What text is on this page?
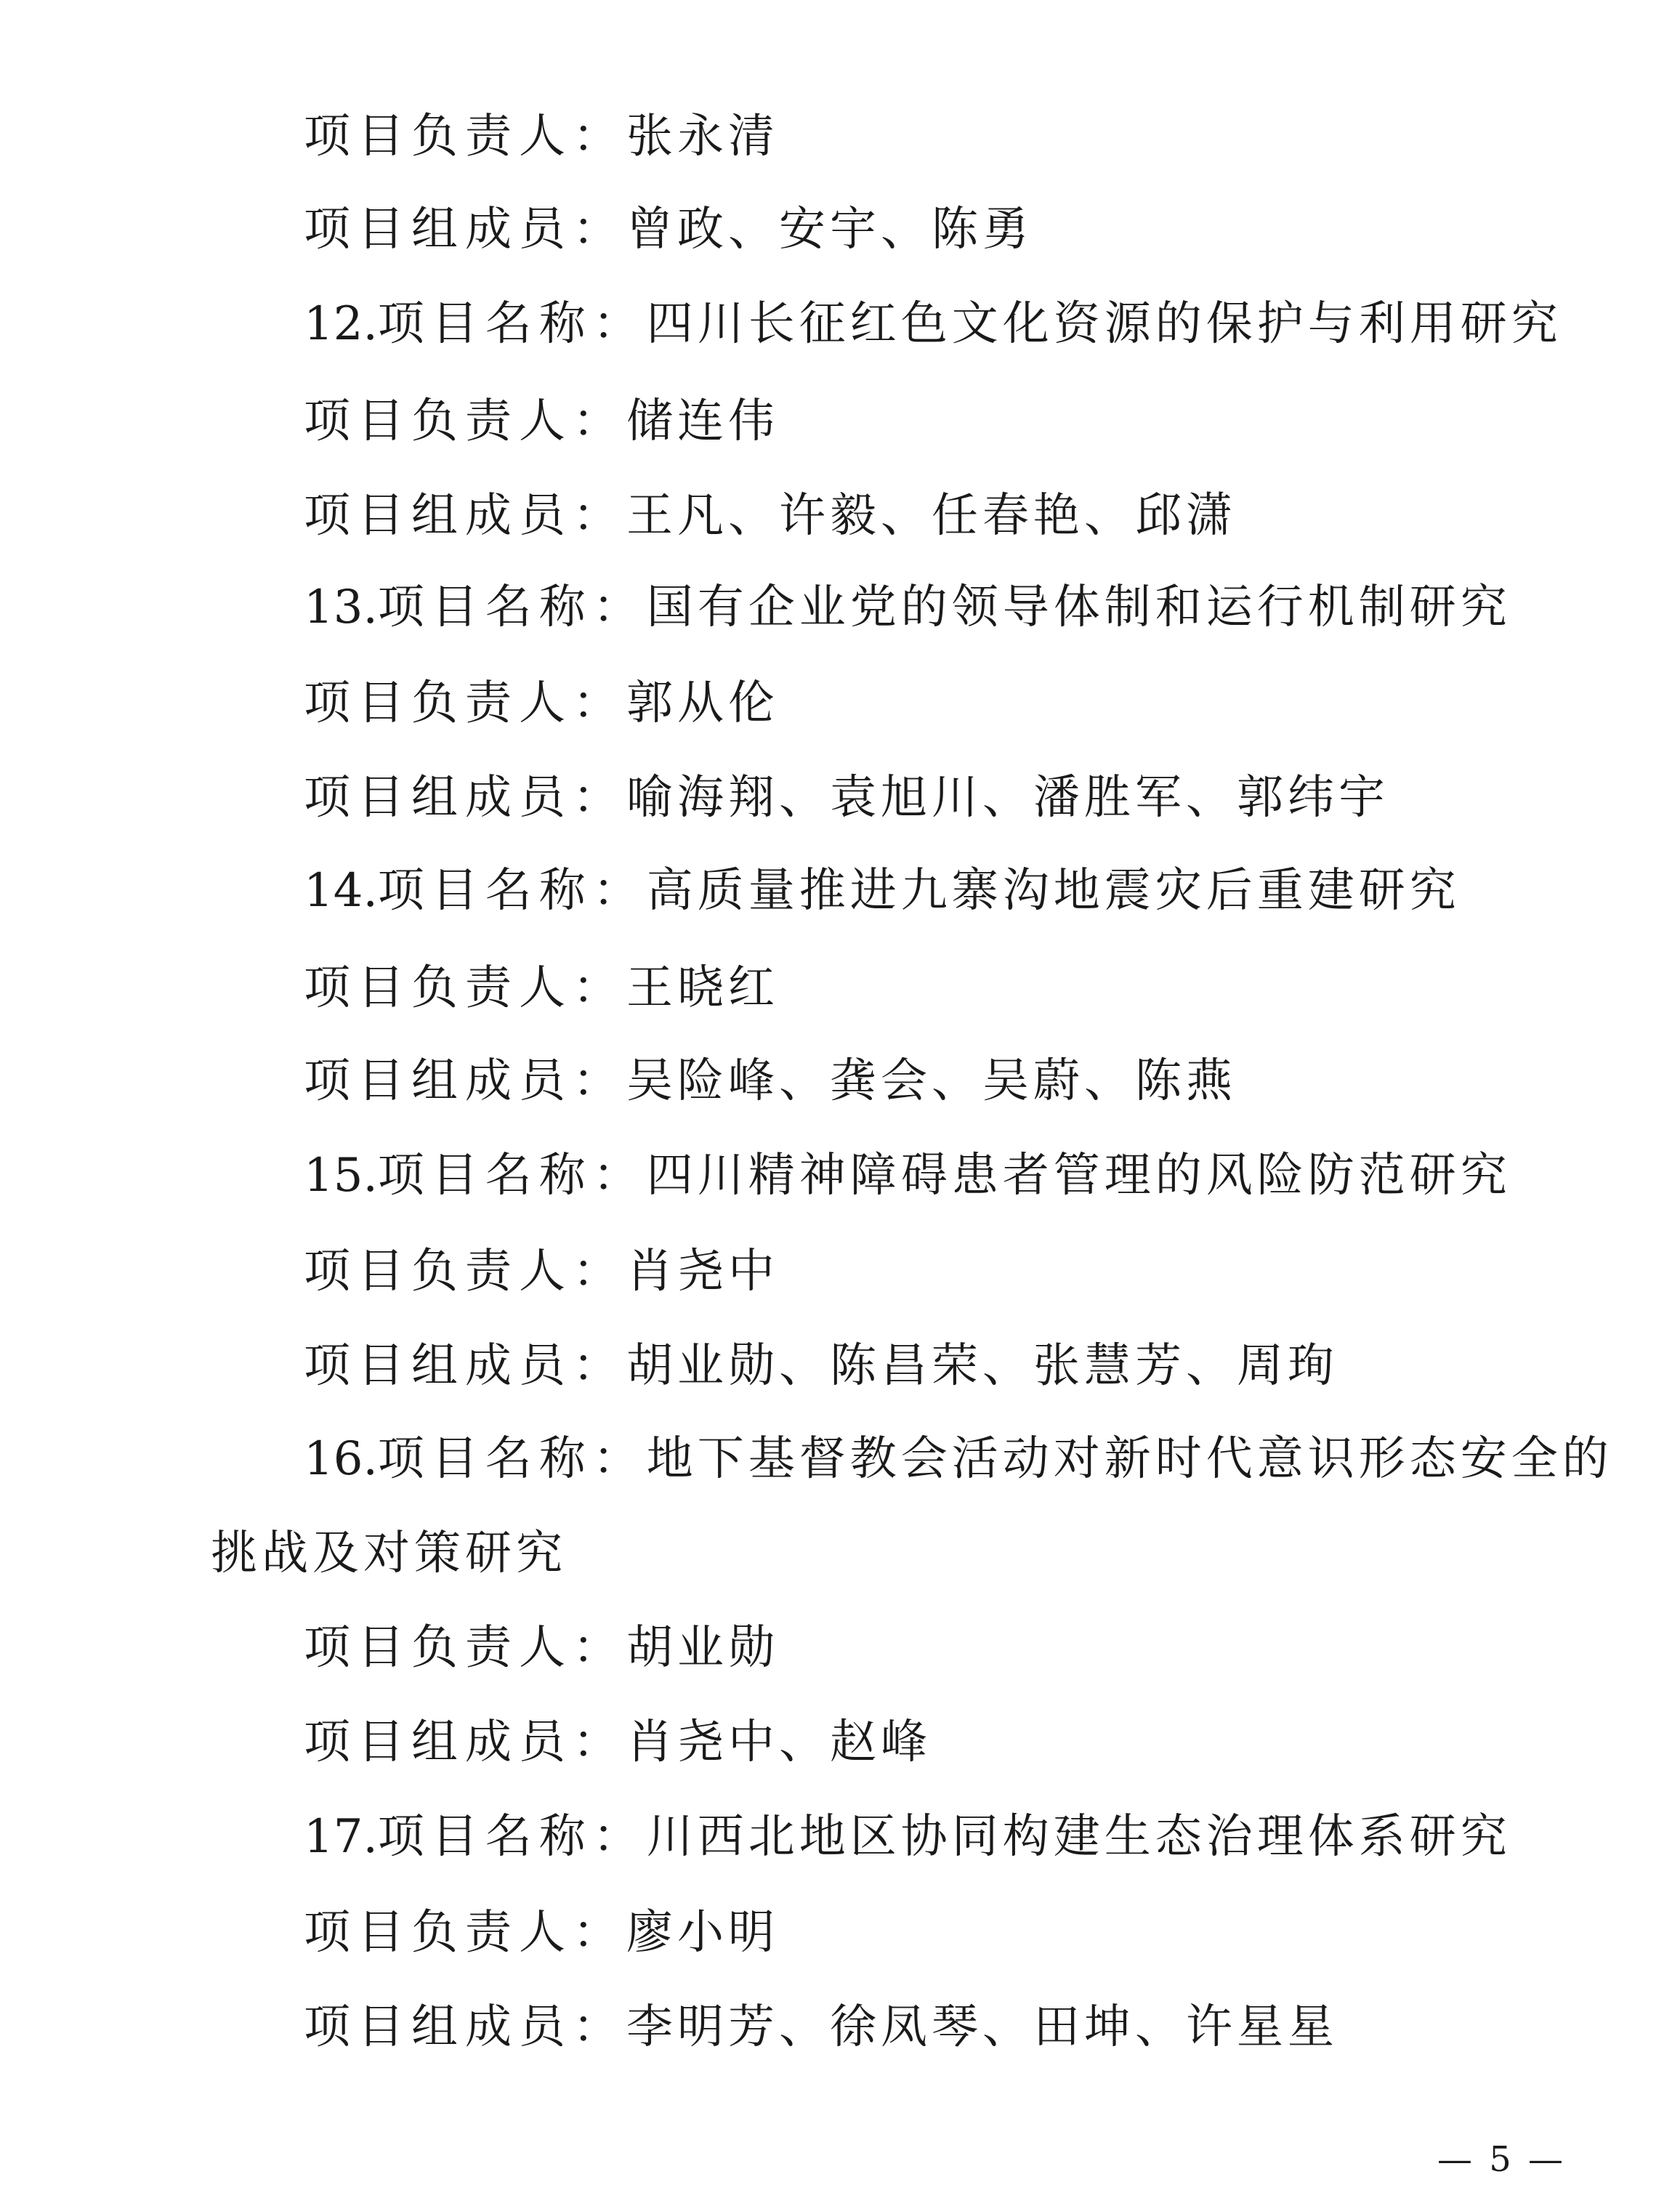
项目负责人：张永清
项目组成员：曾政、安宇、陈勇
12.项目名称：四川长征红色文化资源的保护与利用研究
项目负责人：储连伟
项目组成员：王凡、许毅、任春艳、邱潇
13.项目名称：国有企业党的领导体制和运行机制研究
项目负责人：郭从伦
项目组成员：喻海翔、袁旭川、潘胜军、郭纬宇
14.项目名称：高质量推进九寨沟地震灾后重建研究
项目负责人：王晓红
项目组成员：吴险峰、龚会、吴蔚、陈燕
15.项目名称：四川精神障碍患者管理的风险防范研究
项目负责人：肖尧中
项目组成员：胡业勋、陈昌荣、张慧芳、周珣
16.项目名称：地下基督教会活动对新时代意识形态安全的
挑战及对策研究
项目负责人：胡业勋
项目组成员：肖尧中、赵峰
17.项目名称：川西北地区协同构建生态治理体系研究
项目负责人：廖小明
项目组成员：李明芳、徐凤琴、田坤、许星星
— 5 —
